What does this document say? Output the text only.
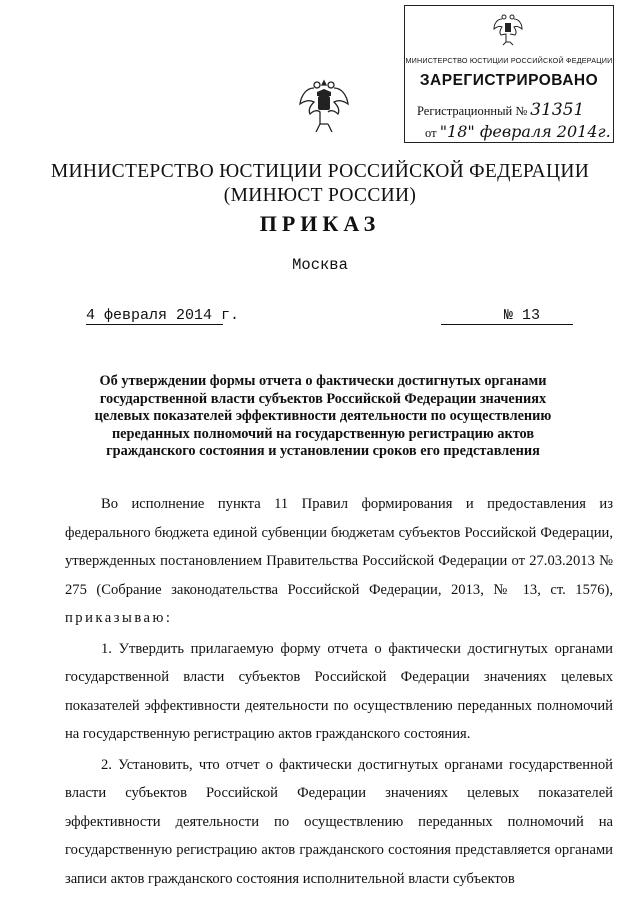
МИНИСТЕРСТВО ЮСТИЦИИ РОССИЙСКОЙ ФЕДЕРАЦИИ
ЗАРЕГИСТРИРОВАНО
Регистрационный № 31351
от "18" февраля 2014г.
МИНИСТЕРСТВО ЮСТИЦИИ РОССИЙСКОЙ ФЕДЕРАЦИИ
(МИНЮСТ РОССИИ)
ПРИКАЗ
Москва
4 февраля 2014 г.	№ 13
Об утверждении формы отчета о фактически достигнутых органами государственной власти субъектов Российской Федерации значениях целевых показателей эффективности деятельности по осуществлению переданных полномочий на государственную регистрацию актов гражданского состояния и установлении сроков его представления

Во исполнение пункта 11 Правил формирования и предоставления из федерального бюджета единой субвенции бюджетам субъектов Российской Федерации, утвержденных постановлением Правительства Российской Федерации от 27.03.2013 № 275 (Собрание законодательства Российской Федерации, 2013, № 13, ст. 1576), приказываю:

1. Утвердить прилагаемую форму отчета о фактически достигнутых органами государственной власти субъектов Российской Федерации значениях целевых показателей эффективности деятельности по осуществлению переданных полномочий на государственную регистрацию актов гражданского состояния.

2. Установить, что отчет о фактически достигнутых органами государственной власти субъектов Российской Федерации значениях целевых показателей эффективности деятельности по осуществлению переданных полномочий на государственную регистрацию актов гражданского состояния представляется органами записи актов гражданского состояния исполнительной власти субъектов
